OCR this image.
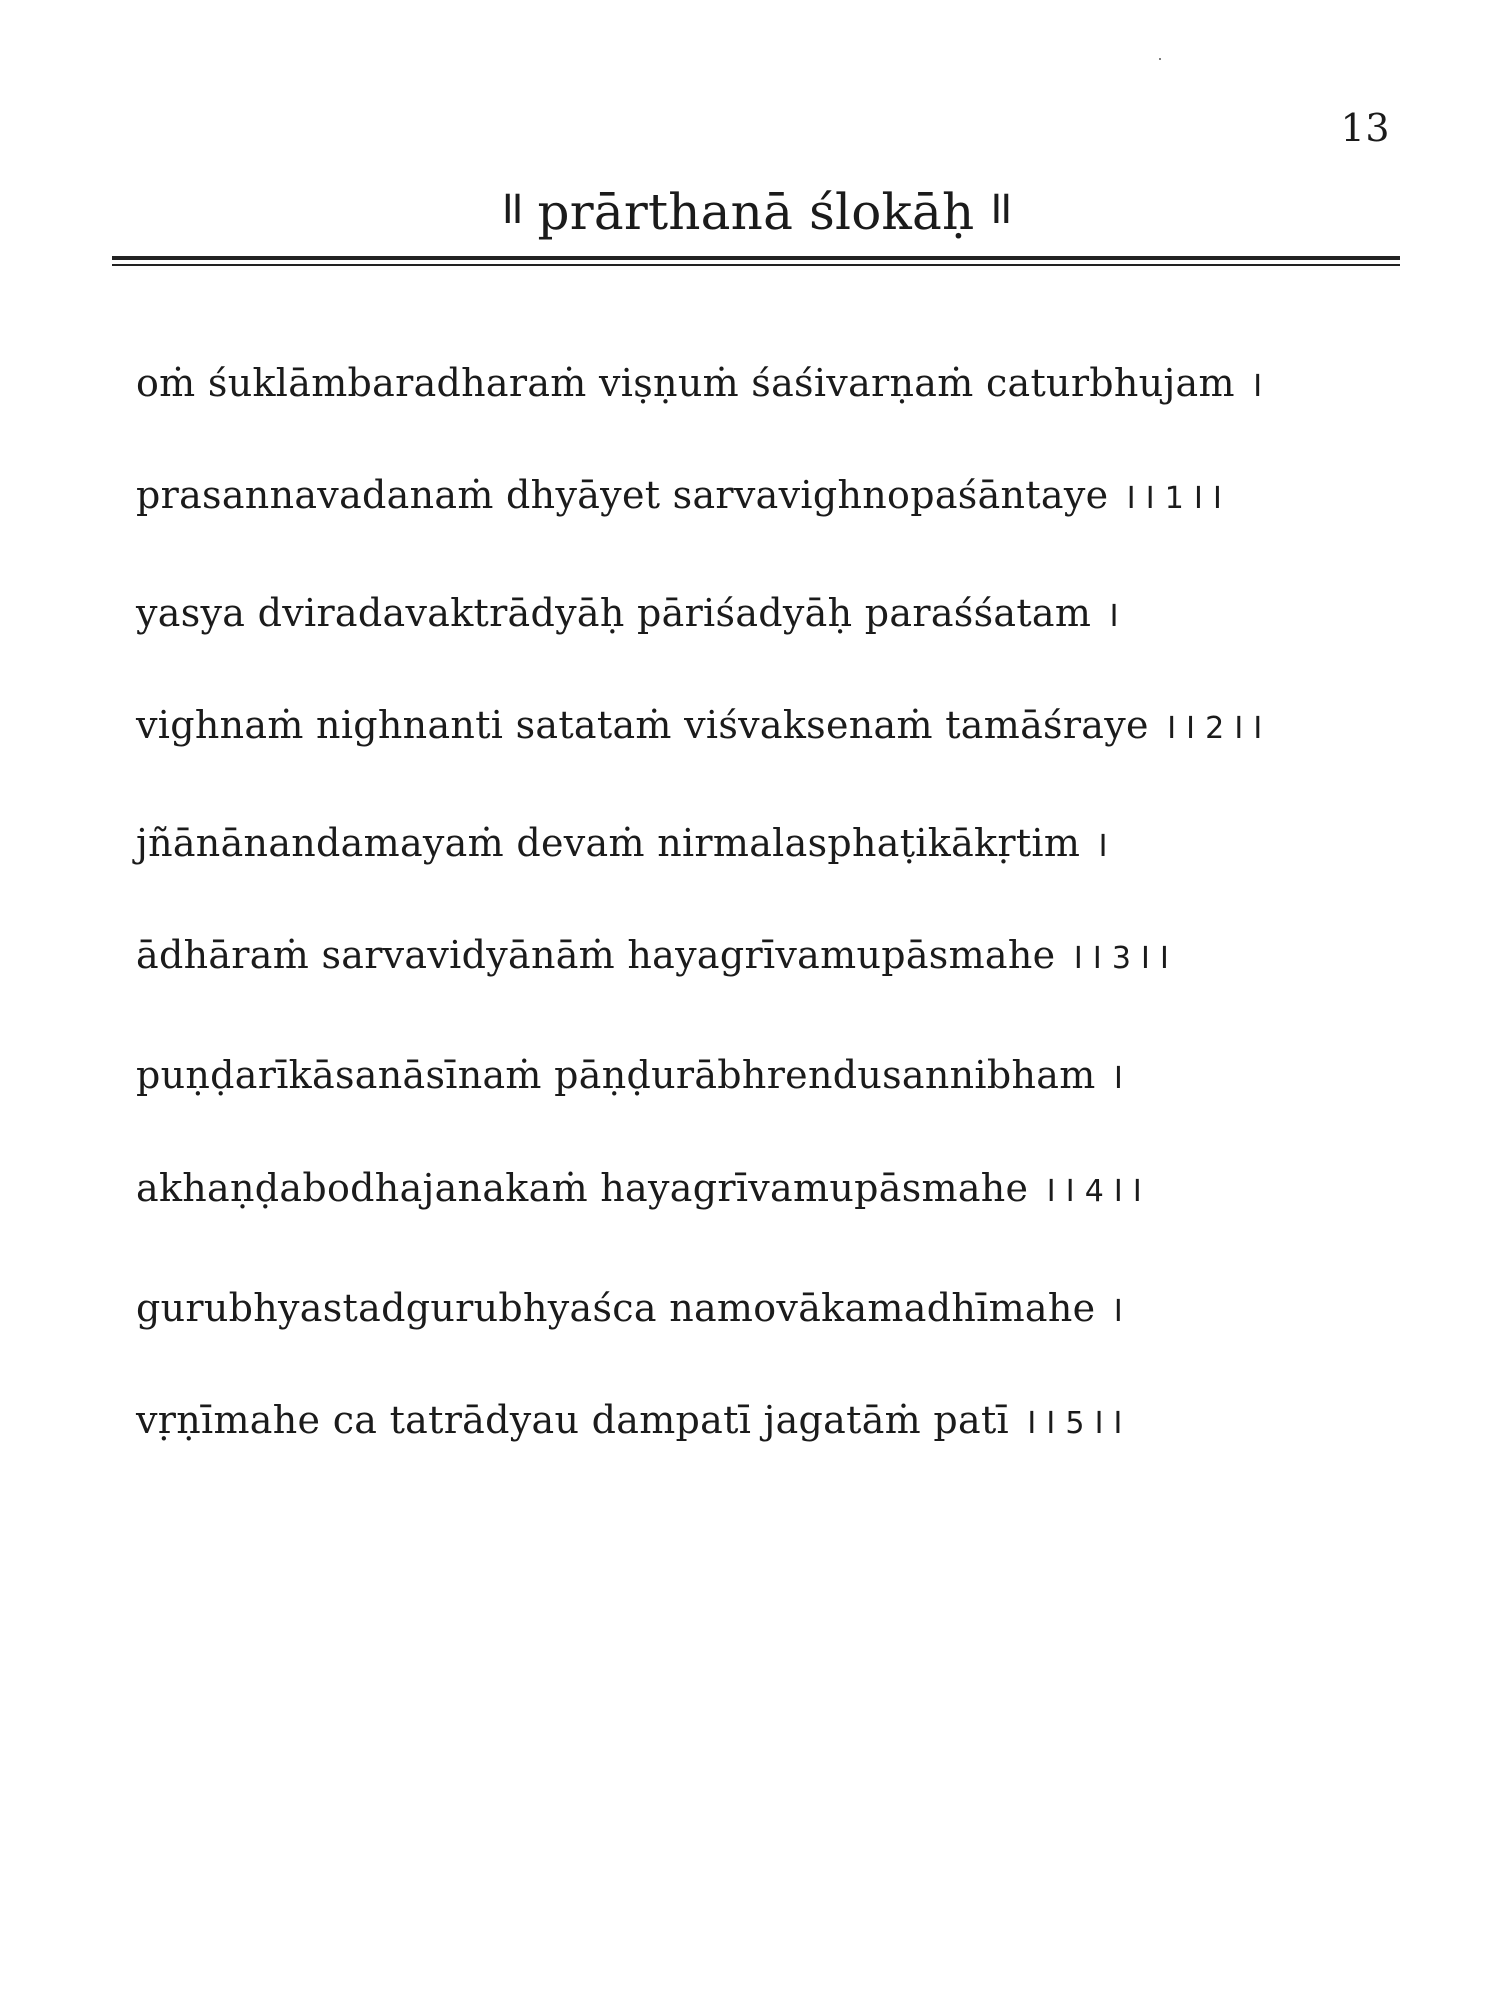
13
II prārthanā ślokāḥ II
oṁ śuklāmbaradharaṁ viṣṇuṁ śaśivarṇaṁ caturbhujam I
prasannavadanaṁ dhyāyet sarvavighnopaśāntaye I I 1 I I
yasya dviradavaktrādyāḥ pāriśadyāḥ paraśśatam I
vighnaṁ nighnanti satataṁ viśvaksenaṁ tamāśraye I I 2 I I
jñānānandamayaṁ devaṁ nirmalasphaṭikākṛtim I
ādhāraṁ sarvavidyānāṁ hayagrīvamupāsmahe I I 3 I I
puṇḍarīkāsanāsīnaṁ pāṇḍurābhrendusannibham I
akhaṇḍabodhajanakaṁ hayagrīvamupāsmahe I I 4 I I
gurubhyastadgurubhyaśca namovākamadhīmahe I
vṛṇīmahe ca tatrādyau dampatī jagatāṁ patī I I 5 I I
